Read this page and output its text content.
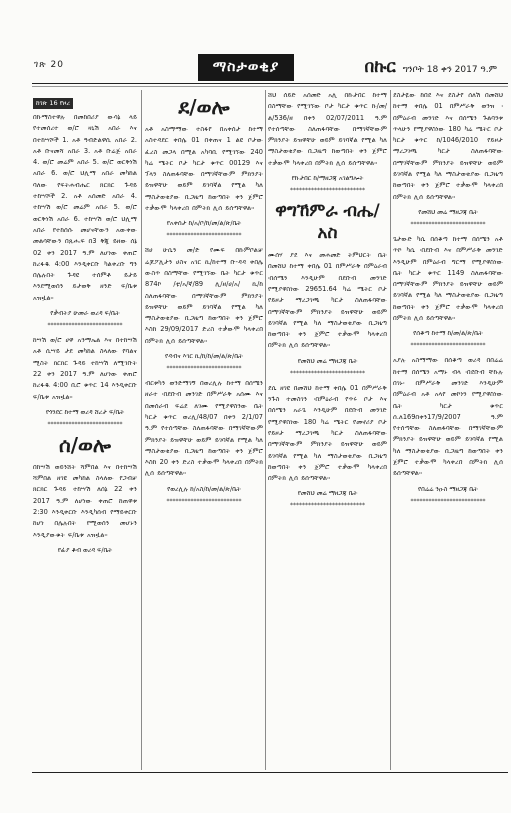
ገጽ 20	ማስታወቂያ	በኩር ግንቦት 18 ቀን 2017 ዓ.ም
ከገጽ 16 የዞረ

በኩማስተዋሉ በመከበሪያ ውሳኔ ላይ የተመሰረተ ወ/ሮ ዛኒሽ አበራ እና በተከሣሾች 1. አቶ ዓብድልዋሲ አበራ 2. አቶ ቡናመሻ አበራ 3. አቶ ቡሬጅ አበራ 4. ወ/ሮ መሬም አበራ 5. ወ/ሮ ወርቅነሽ አበራ 6. ወ/ሮ ህሊማ አበራ መካከል ባለው የፍትሐብሔር ክርክር ጉዳይ ተከሣሾች 2. አቶ አሰመድ አበራ 4. ተከሣሽ ወ/ሮ መሬም አበራ 5. ወ/ሮ ወርቅነሽ አበራ 6. ተከሣሽ ወ/ሮ ህሊማ አበራ የተከሰሱ መሆናቸውን አውቀው መልሳቸውን በጹሑፍ በ3 ቅጂ ይዘው ሰኔ 02 ቀን 2017 ዓ.ም ለሆነው ቀጠሮ ከረፋዱ 4:00 እንዲቀርቡ ካልቀረቡ ግን በሌሉበት ጉዳዩ ተሰምቶ ይታይ እንደሚወሰን ይታወቅ ዘንድ ፍ/ቤቱ አዝዟል።

የቃብትያ ሁመራ ወረዳ ፍ/ቤት

*************************

ከሣሽ ወ/ሮ ሀዋ አንማኤል እና በተከሣሽ አቶ ሲሣይ ታደ መካከል ስላለው የባልና ሚስት ክርክር ጉዳይ ተከሣሽ ለሚገቡት 22 ቀን 2017 ዓ.ም ለሆነው ቀጠሮ ከረፋዱ 4:00 ቢሮ ቁጥር 14 እንዲቀርቡ ፍ/ቤቱ አዝዟል።

የጎንደር ከተማ ወረዳ ሸረታ ፍ/ቤት

*************************
ሰ/ወሎ

በከሣሽ ወይንሸት ሻምበል እና በተከሣሽ ሻምበል ዘገዩ መካከል ስላለው የጋብቻ ክርክር ጉዳይ ተከሣሽ ለሰኔ 22 ቀን 2017 ዓ.ም ለሆነው ቀጠሮ ከጠዋቱ 2:30 እንዲቀርቡ እንዲካሰብ የማይቀርቡ ከሆነ በሌሉበት የሚወሰን መሆኑን እንዲያውቁት ፍ/ቤቱ አዝዟል።

የፊያ ቆብ ወረዳ ፍ/ቤት

ደ/ወሎ

አቶ አስማማው ተስፋየ በአቀሰታ ከተማ አስተዳደር ቀበሌ 01 በቀጠና 1 ልዩ ቦታው ፈረስ መጋላ በሚል አካባቢ የሚገኘው 240 ካሬ ሜትር ቦታ ካርታ ቁጥር 00129 እና ፕላን ስለጠፋባቸው በማገኛቸውም ምክንያት ይዝዋቸሁ ወይም ይገባኛል የሚል ካለ ማስታወቂያው ቢጋዜጣ ከወጣበት ቀን ጀምሮ ተቃውሞ ካላቀረበ በምትክ ሊሰ ይሰጣቸዋል።

የአቀሰታ ከ/አ/ቦ/ከ/መ/ል/ጽ/ቤት

*************************

ሸሀ ሁሴን መ/ድ የሙፍ በኩምቦልቻ ሬጆፖሊታን ሀስና አገር ኪ/ከተማ ቡ-ዳዳ ቀበሌ ውስጥ በስማቸው የሚገኘው ቤት ካርታ ቁጥር 874ኮ /ቲ/አ/ኛ/89 ሊ/ዘ/ሀ/አ/ ኪ/ከ ስለጠፋባቸው በማገኛቸውም ምክንያት ይዝዋቸሁ ወይም ይገባኛል የሚል ካለ ማስታወቂያው ቢጋዜጣ ከወጣበት ቀን ጀምሮ እስከ 29/09/2017 ድረስ ተቃውሞ ካላቀረበ በምትክ ሊሰ ይሰጣቸዋል።

የዳብና እገር ኪ/ከ/ከ/መ/ል/ጽ/ቤት

*************************

ብርቱካን ወንድማገኝ በወረሊሉ ከተማ በሰሜን ዘራተ ፡በደቡብ መንገድ በምሥራቅ አሰሙ እና በመሰራብ ፍሬደ ለገሙ የሚያዋስንው ቤት ካርታ ቁጥር ወረሊ/48/07 በቀን 2/1/07 ዓ.ም የተሰጣቸው ስለጠፋባቸው በማገኛቸውም ምክንያት ይዝዋቸሁ ወይም ይገባኛል የሚል ካለ ማስታወቂያው ቢጋዜጣ ከወጣበት ቀን ጀምሮ እስከ 20 ቀን ድረስ ተቃውሞ ካላቀረበ በምትክ ሊሰ ይሰጣቸዋል።

የወረሊሉ ከ/አስ/ከ/መ/ል/ጽ/ቤት

*************************

ሸህ ሰይድ አሰመድ አሊ በኩታበር ከተማ በስማቸው የሚገኘው ቦታ ካርታ ቁጥር ኩ/መ/ል/536/ዘ በቀን 02/07/2011 ዓ.ም የተሰጣቸው ስለጠፋባቸው በማገኛቸውም ምክንያት ይዝዋቸሁ ወይም ይገባኛል የሚል ካለ ማስታወቂያው ቢጋዜጣ ከወጣበት ቀን ጀምሮ ተቃውሞ ካላቀረበ በምትክ ሊሰ ይሰጣቸዋል።

የኩታበር ከ/ማዘጋጃ አገልግሎት

*************************
ዋግኸምራ ብሔ/አስ

ሙሰሃ ያደ እና መሐመድ ትምህርት ቤት በመሸህ ከተማ ቀበሌ 01 በምሥራቅ በምዕራብ ፡በሰሜን እንዲሁም በደቡብ መንገድ የሚያዋስነው 29651.64 ካሬ ሜትር ቦታ የይዞታ ማረጋገጫ ካርታ ስለጠፋባቸው በማገኛቸውም ምክንያት ይዝዋቸሁ ወይም ይገባኛል የሚል ካለ ማስታወቂያው ቢጋዜጣ ከወጣበት ቀን ጀምሮ ተቃውሞ ካላቀረበ በምትክ ሊሰ ይሰጣቸዋል።

የመሸህ መሬ ማዘጋጃ ቤት

*************************

ደሴ ዘገዩ በመሸህ ከተማ ቀበሌ 01 በምሥራቅ ንጉስ ተመስገን ፡በምዕራብ የጥሩ ቦታ እና በሰሜን አራጌ እንዲሁም በደቡብ መንገድ የሚያዋስነው 180 ካሬ ሜትር የመኖሪያ ቦታ የይዞታ ማረጋገጫ ካርታ ስለጠፋባቸው በማገኛቸውም ምክንያት ይዝዋቸሁ ወይም ይገባኛል የሚል ካለ ማስታወቂያው ቢጋዜጣ ከወጣበት ቀን ጀምሮ ተቃውሞ ካላቀረበ በምትክ ሊሰ ይሰጣቸዋል።

የመሸህ መሬ ማዘጋጃ ቤት

*************************

ደስታዬው ከበደ እና ደስታየ ሰለሽ በመሸህ ከተማ ቀበሌ 01 በምሥራቅ ወንዝ ፡በምዕራብ መንገድ እና በሰሜን ጉልባንቱ ጥላሁን የሚያዋስነው 180 ካሬ ሜትር ቦታ ካርታ ቁጥር ከ/1046/2010 የይዞታ ማረጋገጫ ካርታ ስለጠፋባቸው በማገኛቸውም ምክንያት ይዝዋቸሁ ወይም ይገባኛል የሚል ካለ ማስታወቂያው ቢጋዜጣ ከወጣበት ቀን ጀምሮ ተቃውሞ ካላቀረበ በምትክ ሊሰ ይሰጣቸዋል።

የመሸህ መሬ ማዘጋጃ ቤት

*************************

ጌታውድ ካሴ በሰቆጣ ከተማ በሰሜን አቶ ጥኮ ካሴ ፡በደቡብ እና በምሥራቅ መንገድ እንዲሁም በምዕራብ ግርማ የሚያዋስነው ቤት ካርታ ቁጥር 1149 ስለጠፋባቸው በማገኛቸውም ምክንያት ይዝዋቸሁ ወይም ይገባኛል የሚል ካለ ማስታወቂያው ቢጋዜጣ ከወጣበት ቀን ጀምሮ ተቃውሞ ካላቀረበ በምትክ ሊሰ ይሰጣቸዋል።

የሰቆጣ ከተማ ከ/መ/ል/ጽ/ቤት

*************************

አያሉ አስማማው በሰቆጣ ወረዳ በበሬሬ ከተማ በሰሜን አማኑ ብላ ፡በደቡብ ቸኩሉ በገኑ፡ በምሥራቅ መንገድ እንዲሁም በምዕራብ አቶ አላየ መኮነን የሚያዋስነው ቤት ካርታ ቁጥር ሰ.ለ169በቀን17/9/2007 ዓ.ም የተሰጣቸው ስለጠፋባቸው በማገኛቸውም ምክንያት ይዝዋቸሁ ወይም ይገባኛል የሚል ካለ ማስታወቂያው ቢጋዜጣ ከወጣበት ቀን ጀምሮ ተቃውሞ ካላቀረበ በምትክ ሊሰ ይሰጣቸዋል።

የበሬሬ ንዑስ ማዘጋጃ ቤት

*************************
